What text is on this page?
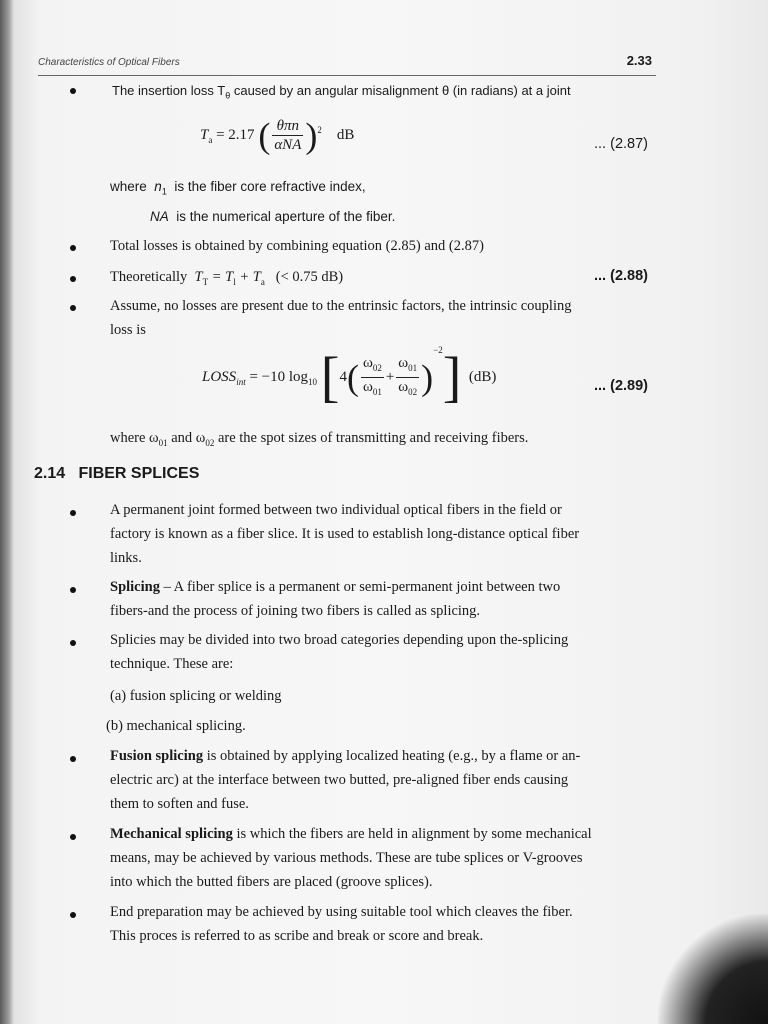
Characteristics of Optical Fibers	2.33
The insertion loss $T_\theta$ caused by an angular misalignment θ (in radians) at a joint
$T_a = 2.17$ ( $\frac{\text{θπn}}{\text{αNA}} )^2$ dB
... (2.87)
where $n_1$ is the fiber core refractive index,
NA is the numerical aperture of the fiber.
Total losses is obtained by combining equation (2.85) and (2.87)
Theoretically $T_T = T_l + T_a$ (< 0.75 dB)	... (2.88)
Assume, no losses are present due to the entrinsic factors, the intrinsic coupling
loss is
$LOSS_{int} = -10$ $\log_{10} [4( \frac{\omega_{02}}{\omega_{01}} + \frac{\omega_{01}}{\omega_{02}} )^{-2}]$ (dB)
... (2.89)
where $\omega_{01}$ and $\omega_{02}$ are the spot sizes of transmitting and receiving fibers.
2.14 FIBER SPLICES
A permanent joint formed between two individual optical fibers in the field or
factory is known as a fiber slice. It is used to establish long-distance optical fiber
links.
Splicing – A fiber splice is a permanent or semi-permanent joint between two
fibers-and the process of joining two fibers is called as splicing.
Splicies may be divided into two broad categories depending upon the-splicing
technique. These are:
(a) fusion splicing or welding
(b) mechanical splicing.
Fusion splicing is obtained by applying localized heating (e.g., by a flame or an-
electric arc) at the interface between two butted, pre-aligned fiber ends causing
them to soften and fuse.
Mechanical splicing is which the fibers are held in alignment by some mechanical
means, may be achieved by various methods. These are tube splices or V-grooves
into which the butted fibers are placed (groove splices).
End preparation may be achieved by using suitable tool which cleaves the fiber.
This proces is referred to as scribe and break or score and break.
